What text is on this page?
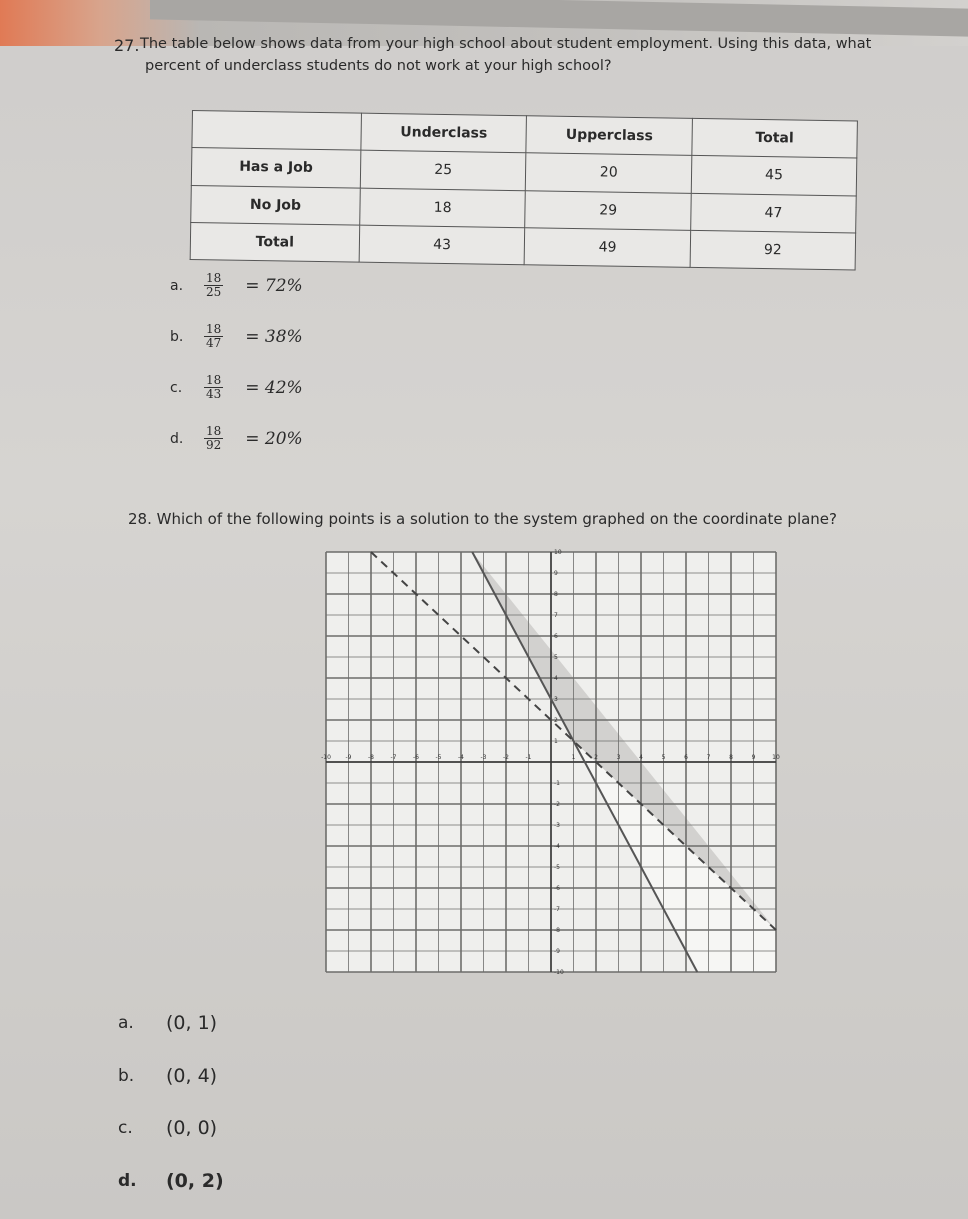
27. The table below shows data from your high school about student employment. Using this data, what
percent of underclass students do not work at your high school?
	Underclass	Upperclass	Total
Has a Job	25	20	45
No Job	18	29	47
Total	43	49	92
a.	$\frac{18}{25} = 72\%$
b.	$\frac{18}{47} = 38\%$
c.	$\frac{18}{43} = 42\%$
d.	$\frac{18}{92} = 20\%$
28. Which of the following points is a solution to the system graphed on the coordinate plane?
-10 -9	-8	-7	-6	-5	-4	-3	-2	-1	1	2	3	4	5	6	7	8	9	10
10
9
8
7
6
5
4
3
2
1
-1
-2
-3
-4
-5
-6
-7
-8
-9
-10
a.	(0, 1)
b.	(0, 4)
c.	(0, 0)
d.	(0, 2)
